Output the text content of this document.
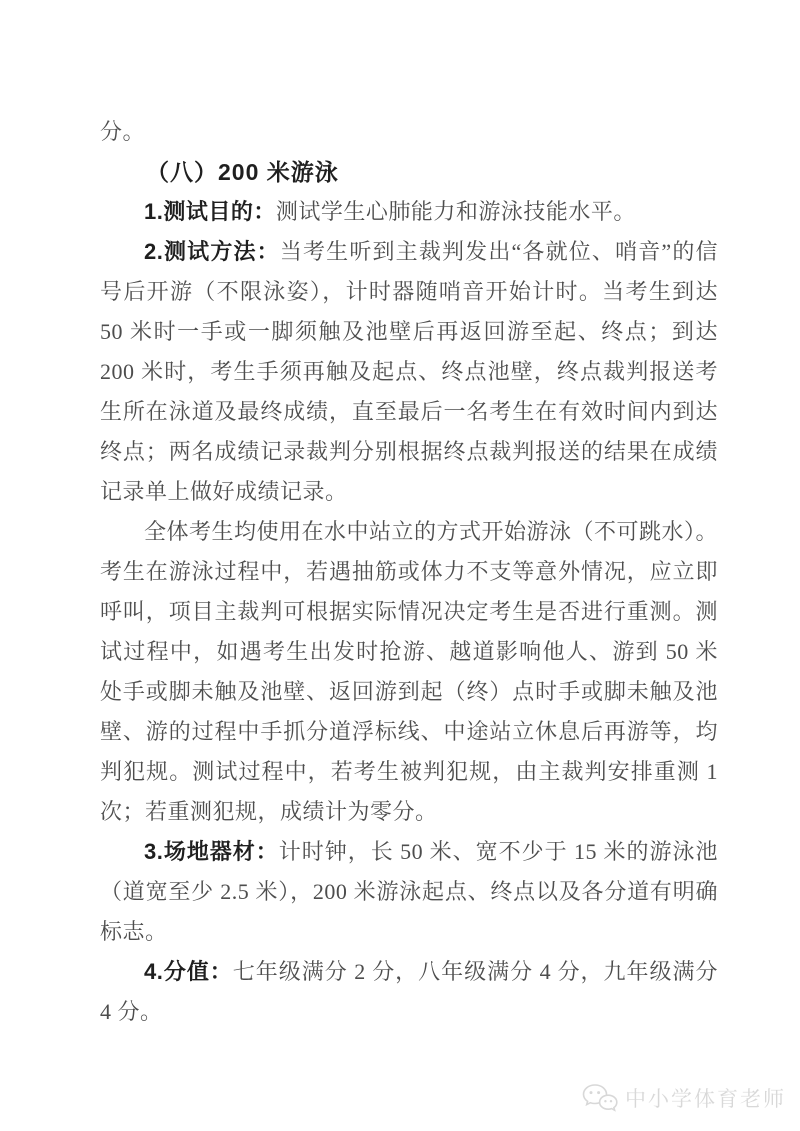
分。

（八）200 米游泳

1.测试目的：测试学生心肺能力和游泳技能水平。

2.测试方法：当考生听到主裁判发出“各就位、哨音”的信号后开游（不限泳姿），计时器随哨音开始计时。当考生到达 50 米时一手或一脚须触及池壁后再返回游至起、终点；到达 200 米时，考生手须再触及起点、终点池壁，终点裁判报送考生所在泳道及最终成绩，直至最后一名考生在有效时间内到达终点；两名成绩记录裁判分别根据终点裁判报送的结果在成绩记录单上做好成绩记录。

全体考生均使用在水中站立的方式开始游泳（不可跳水）。考生在游泳过程中，若遇抽筋或体力不支等意外情况，应立即呼叫，项目主裁判可根据实际情况决定考生是否进行重测。测试过程中，如遇考生出发时抢游、越道影响他人、游到 50 米处手或脚未触及池壁、返回游到起（终）点时手或脚未触及池壁、游的过程中手抓分道浮标线、中途站立休息后再游等，均判犯规。测试过程中，若考生被判犯规，由主裁判安排重测 1 次；若重测犯规，成绩计为零分。

3.场地器材：计时钟，长 50 米、宽不少于 15 米的游泳池（道宽至少 2.5 米），200 米游泳起点、终点以及各分道有明确标志。

4.分值：七年级满分 2 分，八年级满分 4 分，九年级满分 4 分。

中小学体育老师
